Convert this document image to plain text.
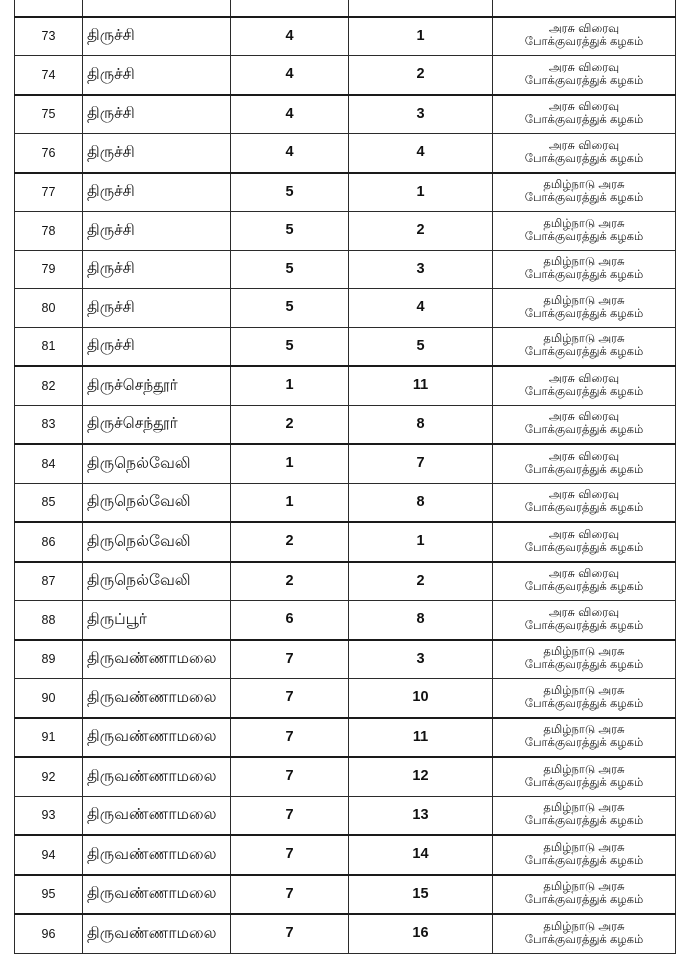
73	திருச்சி	4	1	அரசு விரைவு
போக்குவரத்துக் கழகம்

74	திருச்சி	4	2	அரசு விரைவு
போக்குவரத்துக் கழகம்

75	திருச்சி	4	3	அரசு விரைவு
போக்குவரத்துக் கழகம்

76	திருச்சி	4	4	அரசு விரைவு
போக்குவரத்துக் கழகம்

77	திருச்சி	5	1	தமிழ்நாடு அரசு
போக்குவரத்துக் கழகம்

78	திருச்சி	5	2	தமிழ்நாடு அரசு
போக்குவரத்துக் கழகம்

79	திருச்சி	5	3	தமிழ்நாடு அரசு
போக்குவரத்துக் கழகம்

80	திருச்சி	5	4	தமிழ்நாடு அரசு
போக்குவரத்துக் கழகம்

81	திருச்சி	5	5	தமிழ்நாடு அரசு
போக்குவரத்துக் கழகம்

82	திருச்செந்தூர்	1	11	அரசு விரைவு
போக்குவரத்துக் கழகம்

83	திருச்செந்தூர்	2	8	அரசு விரைவு
போக்குவரத்துக் கழகம்

84	திருநெல்வேலி	1	7	அரசு விரைவு
போக்குவரத்துக் கழகம்

85	திருநெல்வேலி	1	8	அரசு விரைவு
போக்குவரத்துக் கழகம்

86	திருநெல்வேலி	2	1	அரசு விரைவு
போக்குவரத்துக் கழகம்

87	திருநெல்வேலி	2	2	அரசு விரைவு
போக்குவரத்துக் கழகம்

88	திருப்பூர்	6	8	அரசு விரைவு
போக்குவரத்துக் கழகம்

89	திருவண்ணாமலை	7	3	தமிழ்நாடு அரசு
போக்குவரத்துக் கழகம்

90	திருவண்ணாமலை	7	10	தமிழ்நாடு அரசு
போக்குவரத்துக் கழகம்

91	திருவண்ணாமலை	7	11	தமிழ்நாடு அரசு
போக்குவரத்துக் கழகம்

92	திருவண்ணாமலை	7	12	தமிழ்நாடு அரசு
போக்குவரத்துக் கழகம்

93	திருவண்ணாமலை	7	13	தமிழ்நாடு அரசு
போக்குவரத்துக் கழகம்

94	திருவண்ணாமலை	7	14	தமிழ்நாடு அரசு
போக்குவரத்துக் கழகம்

95	திருவண்ணாமலை	7	15	தமிழ்நாடு அரசு
போக்குவரத்துக் கழகம்

96	திருவண்ணாமலை	7	16	தமிழ்நாடு அரசு
போக்குவரத்துக் கழகம்
